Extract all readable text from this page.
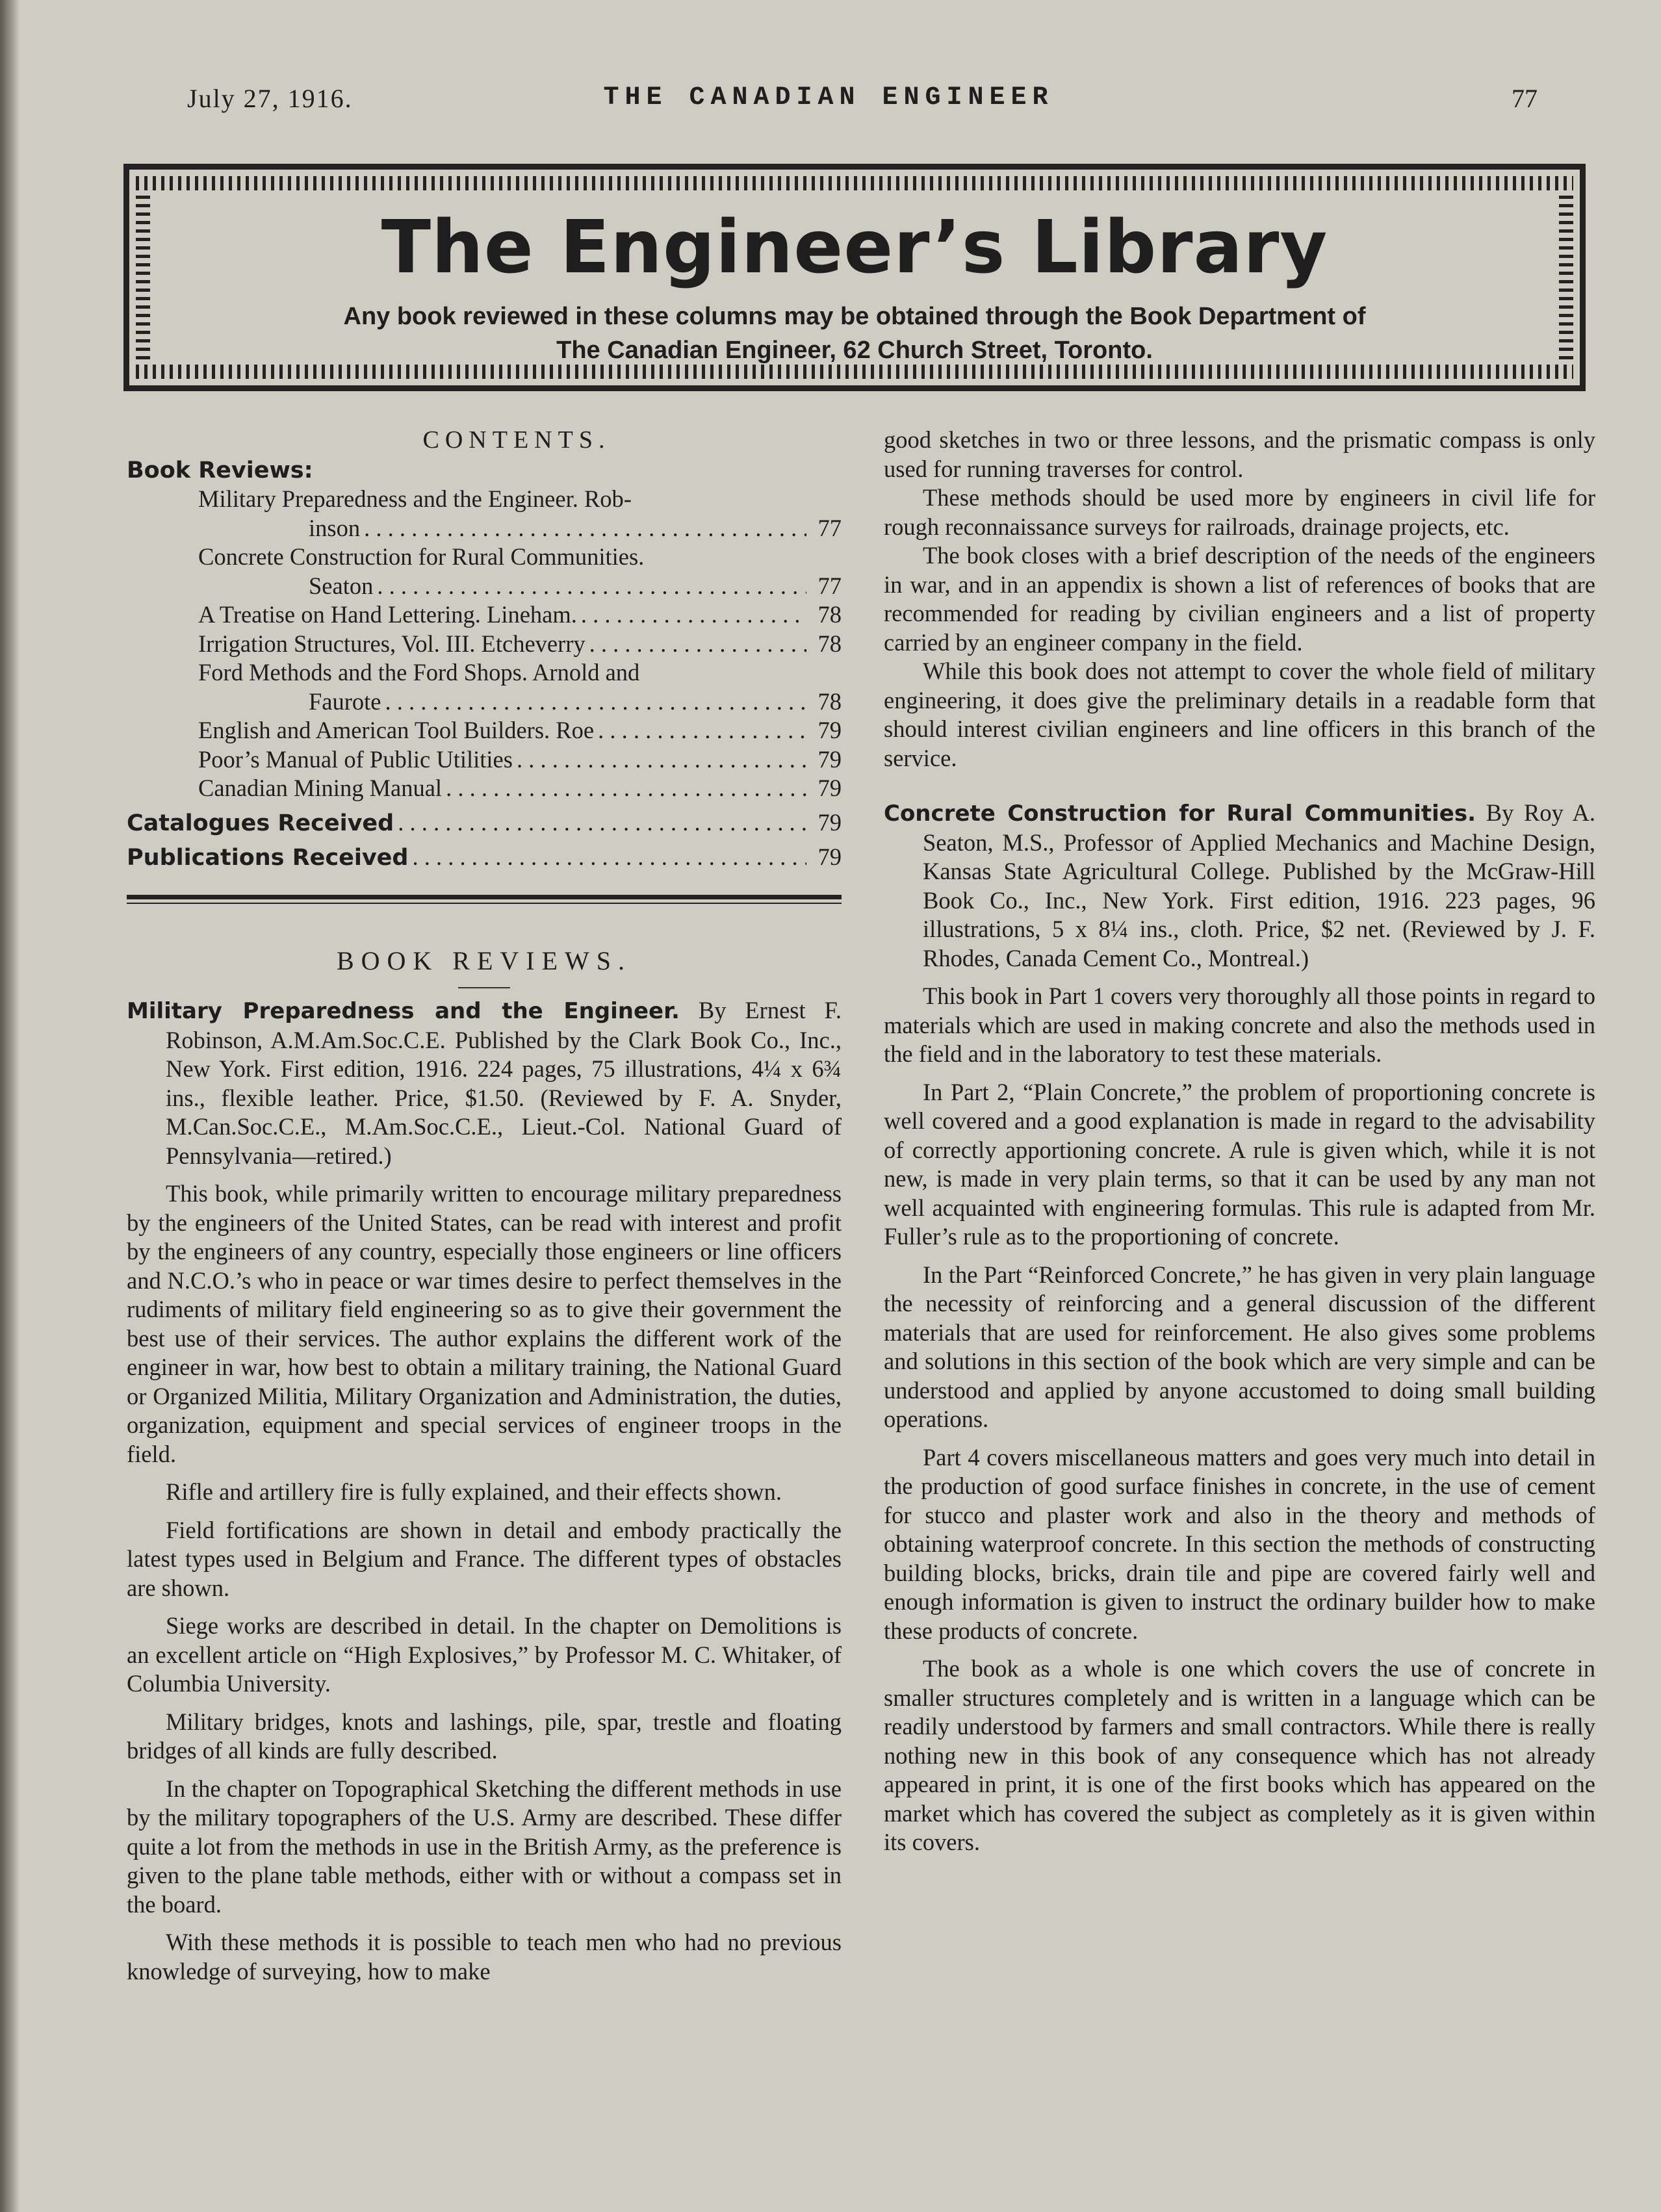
July 27, 1916.	THE CANADIAN ENGINEER	77
The Engineer’s Library
Any book reviewed in these columns may be obtained through the Book Department of
The Canadian Engineer, 62 Church Street, Toronto.
CONTENTS.
Book Reviews:
Military Preparedness and the Engineer. Rob-
inson . . .	77
Concrete Construction for Rural Communities.
Seaton . . .	77
A Treatise on Hand Lettering. Lineham. . . .	78
Irrigation Structures, Vol. III. Etcheverry . . .	78
Ford Methods and the Ford Shops. Arnold and
Faurote . . .	78
English and American Tool Builders. Roe . . .	79
Poor’s Manual of Public Utilities . . .	79
Canadian Mining Manual . . .	79
Catalogues Received . . .	79
Publications Received . . .	79
BOOK REVIEWS.
Military Preparedness and the Engineer. By Ernest F. Robinson, A.M.Am.Soc.C.E. Published by the Clark Book Co., Inc., New York. First edition, 1916. 224 pages, 75 illustrations, 4¼ x 6¾ ins., flexible leather. Price, $1.50. (Reviewed by F. A. Snyder, M.Can.Soc.C.E., M.Am.Soc.C.E., Lieut.-Col. National Guard of Pennsylvania—retired.)

This book, while primarily written to encourage military preparedness by the engineers of the United States, can be read with interest and profit by the engineers of any country, especially those engineers or line officers and N.C.O.’s who in peace or war times desire to perfect themselves in the rudiments of military field engineering so as to give their government the best use of their services. The author explains the different work of the engineer in war, how best to obtain a military training, the National Guard or Organized Militia, Military Organization and Administration, the duties, organization, equipment and special services of engineer troops in the field.

Rifle and artillery fire is fully explained, and their effects shown.

Field fortifications are shown in detail and embody practically the latest types used in Belgium and France. The different types of obstacles are shown.

Siege works are described in detail. In the chapter on Demolitions is an excellent article on “High Explosives,” by Professor M. C. Whitaker, of Columbia University.

Military bridges, knots and lashings, pile, spar, trestle and floating bridges of all kinds are fully described.

In the chapter on Topographical Sketching the different methods in use by the military topographers of the U.S. Army are described. These differ quite a lot from the methods in use in the British Army, as the preference is given to the plane table methods, either with or without a compass set in the board.

With these methods it is possible to teach men who had no previous knowledge of surveying, how to make

good sketches in two or three lessons, and the prismatic compass is only used for running traverses for control.

These methods should be used more by engineers in civil life for rough reconnaissance surveys for railroads, drainage projects, etc.

The book closes with a brief description of the needs of the engineers in war, and in an appendix is shown a list of references of books that are recommended for reading by civilian engineers and a list of property carried by an engineer company in the field.

While this book does not attempt to cover the whole field of military engineering, it does give the preliminary details in a readable form that should interest civilian engineers and line officers in this branch of the service.

Concrete Construction for Rural Communities. By Roy A. Seaton, M.S., Professor of Applied Mechanics and Machine Design, Kansas State Agricultural College. Published by the McGraw-Hill Book Co., Inc., New York. First edition, 1916. 223 pages, 96 illustrations, 5 x 8¼ ins., cloth. Price, $2 net. (Reviewed by J. F. Rhodes, Canada Cement Co., Montreal.)

This book in Part 1 covers very thoroughly all those points in regard to materials which are used in making concrete and also the methods used in the field and in the laboratory to test these materials.

In Part 2, “Plain Concrete,” the problem of proportioning concrete is well covered and a good explanation is made in regard to the advisability of correctly apportioning concrete. A rule is given which, while it is not new, is made in very plain terms, so that it can be used by any man not well acquainted with engineering formulas. This rule is adapted from Mr. Fuller’s rule as to the proportioning of concrete.

In the Part “Reinforced Concrete,” he has given in very plain language the necessity of reinforcing and a general discussion of the different materials that are used for reinforcement. He also gives some problems and solutions in this section of the book which are very simple and can be understood and applied by anyone accustomed to doing small building operations.

Part 4 covers miscellaneous matters and goes very much into detail in the production of good surface finishes in concrete, in the use of cement for stucco and plaster work and also in the theory and methods of obtaining waterproof concrete. In this section the methods of constructing building blocks, bricks, drain tile and pipe are covered fairly well and enough information is given to instruct the ordinary builder how to make these products of concrete.

The book as a whole is one which covers the use of concrete in smaller structures completely and is written in a language which can be readily understood by farmers and small contractors. While there is really nothing new in this book of any consequence which has not already appeared in print, it is one of the first books which has appeared on the market which has covered the subject as completely as it is given within its covers.
